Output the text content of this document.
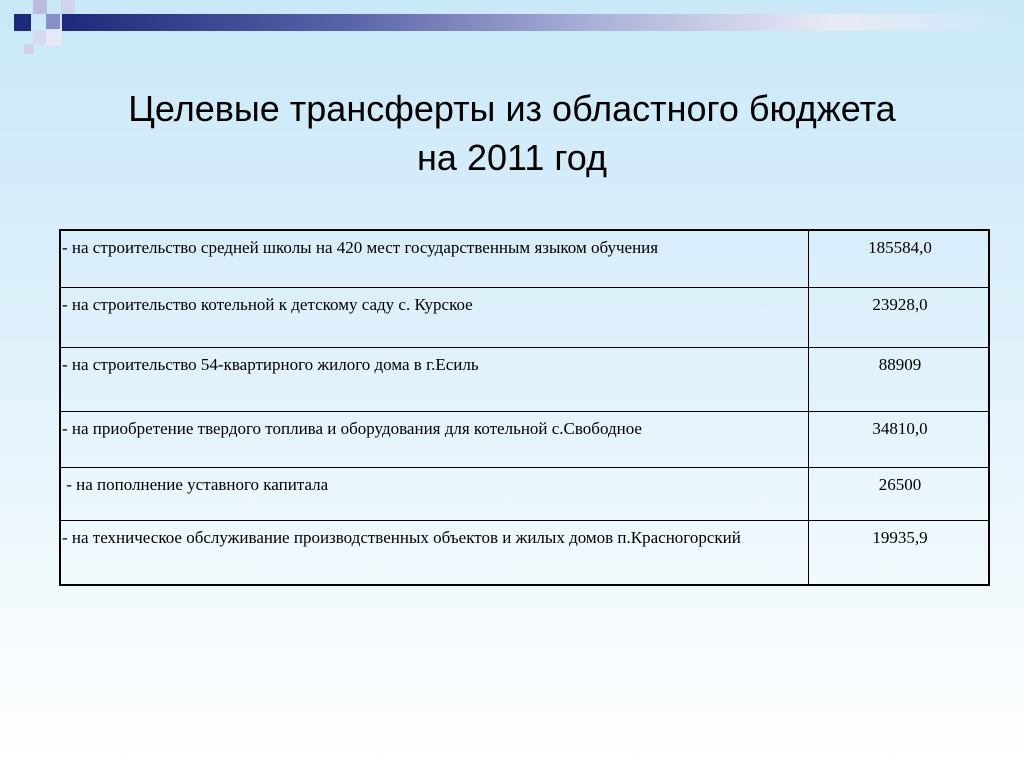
Целевые трансферты из областного бюджета
на 2011 год
- на строительство средней школы на 420 мест государственным языком обучения	185584,0
- на строительство котельной к детскому саду с. Курское	23928,0
- на строительство 54-квартирного жилого дома в г.Есиль	88909
- на приобретение твердого топлива и оборудования для котельной с.Свободное	34810,0
- на пополнение уставного капитала	26500
- на техническое обслуживание производственных объектов и жилых домов п.Красногорский	19935,9
